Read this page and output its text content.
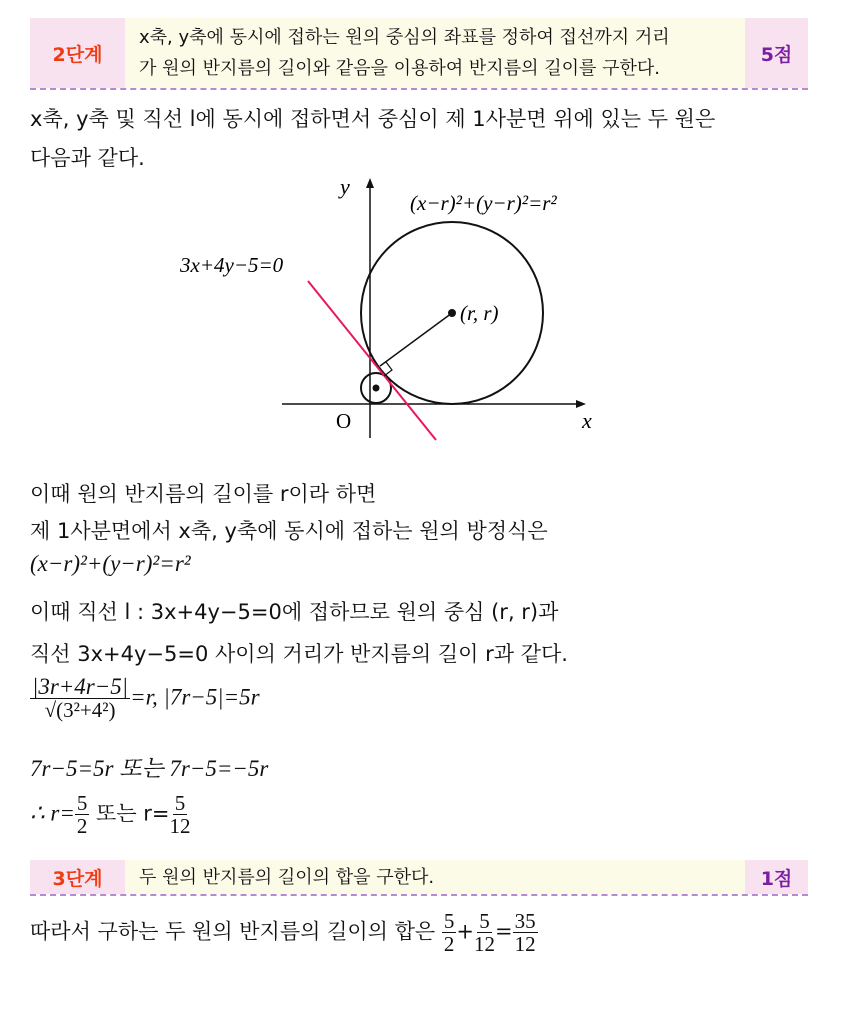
2단계
x축, y축에 동시에 접하는 원의 중심의 좌표를 정하여 접선까지 거리
가 원의 반지름의 길이와 같음을 이용하여 반지름의 길이를 구한다.
5점
x축, y축 및 직선 l에 동시에 접하면서 중심이 제 1사분면 위에 있는 두 원은
다음과 같다.
y
x
O
(x−r)²+(y−r)²=r²
3x+4y−5=0
(r, r)
이때 원의 반지름의 길이를 r이라 하면
제 1사분면에서 x축, y축에 동시에 접하는 원의 방정식은
(x−r)²+(y−r)²=r²
이때 직선 l : 3x+4y−5=0에 접하므로 원의 중심 (r, r)과
직선 3x+4y−5=0 사이의 거리가 반지름의 길이 r과 같다.
$\frac{|3r+4r-5|}{\text{√(3²+4²)}} =r$, |7r−5|=5r
7r−5=5r 또는 7r−5=−5r
∴ $r= \frac{5}{2}$ 또는 $r= \frac{5}{12}$
3단계	두 원의 반지름의 길이의 합을 구한다.	1점
따라서 구하는 두 원의 반지름의 길이의 합은 $\frac{5}{2} + \frac{5}{12} = \frac{35}{12}$
